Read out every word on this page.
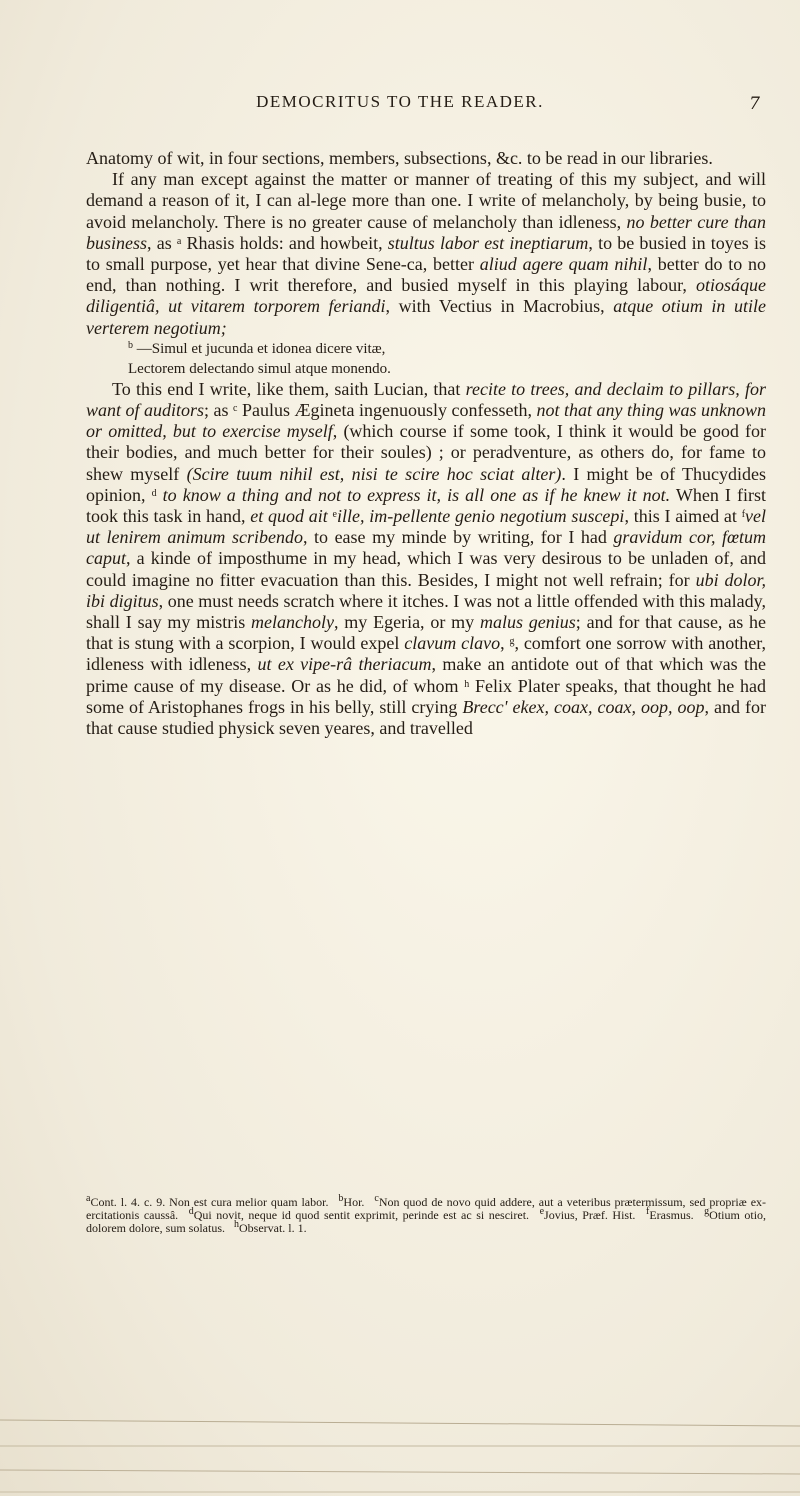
DEMOCRITUS TO THE READER.	7

Anatomy of wit, in four sections, members, subsections, &c. to be read in our libraries.

If any man except against the matter or manner of treating of this my subject, and will demand a reason of it, I can al-lege more than one. I write of melancholy, by being busie, to avoid melancholy. There is no greater cause of melancholy than idleness, no better cure than business, as $^a$ Rhasis holds: and howbeit, stultus labor est ineptiarum, to be busied in toyes is to small purpose, yet hear that divine Sene-ca, better aliud agere quam nihil, better do to no end, than nothing. I writ therefore, and busied myself in this playing labour, otiosáque diligentiâ, ut vitarem torporem feriandi, with Vectius in Macrobius, atque otium in utile verterem negotium;

$^b$ —Simul et jucunda et idonea dicere vitæ,

Lectorem delectando simul atque monendo.

To this end I write, like them, saith Lucian, that recite to trees, and declaim to pillars, for want of auditors; as $^c$ Paulus Ægineta ingenuously confesseth, not that any thing was unknown or omitted, but to exercise myself, (which course if some took, I think it would be good for their bodies, and much better for their soules) ; or peradventure, as others do, for fame to shew myself (Scire tuum nihil est, nisi te scire hoc sciat alter). I might be of Thucydides opinion, $^d$ to know a thing and not to express it, is all one as if he knew it not. When I first took this task in hand, et quod ait $^e$ille, im-pellente genio negotium suscepi, this I aimed at $^f$vel ut lenirem animum scribendo, to ease my minde by writing, for I had gravidum cor, fœtum caput, a kinde of imposthume in my head, which I was very desirous to be unladen of, and could imagine no fitter evacuation than this. Besides, I might not well refrain; for ubi dolor, ibi digitus, one must needs scratch where it itches. I was not a little offended with this malady, shall I say my mistris melancholy, my Egeria, or my malus genius; and for that cause, as he that is stung with a scorpion, I would expel clavum clavo, $^g$, comfort one sorrow with another, idleness with idleness, ut ex vipe-râ theriacum, make an antidote out of that which was the prime cause of my disease. Or as he did, of whom $^h$ Felix Plater speaks, that thought he had some of Aristophanes frogs in his belly, still crying Brecc' ekex, coax, coax, oop, oop, and for that cause studied physick seven yeares, and travelled

$^a$Cont. l. 4. c. 9. Non est cura melior quam labor. $^b$Hor. $^c$Non quod de novo quid addere, aut a veteribus prætermissum, sed propriæ ex-ercitationis caussâ. $^d$Qui novit, neque id quod sentit exprimit, perinde est ac si nesciret. $^e$Jovius, Præf. Hist. $^f$Erasmus. $^g$Otium otio, dolorem dolore, sum solatus. $^h$Observat. l. 1.
